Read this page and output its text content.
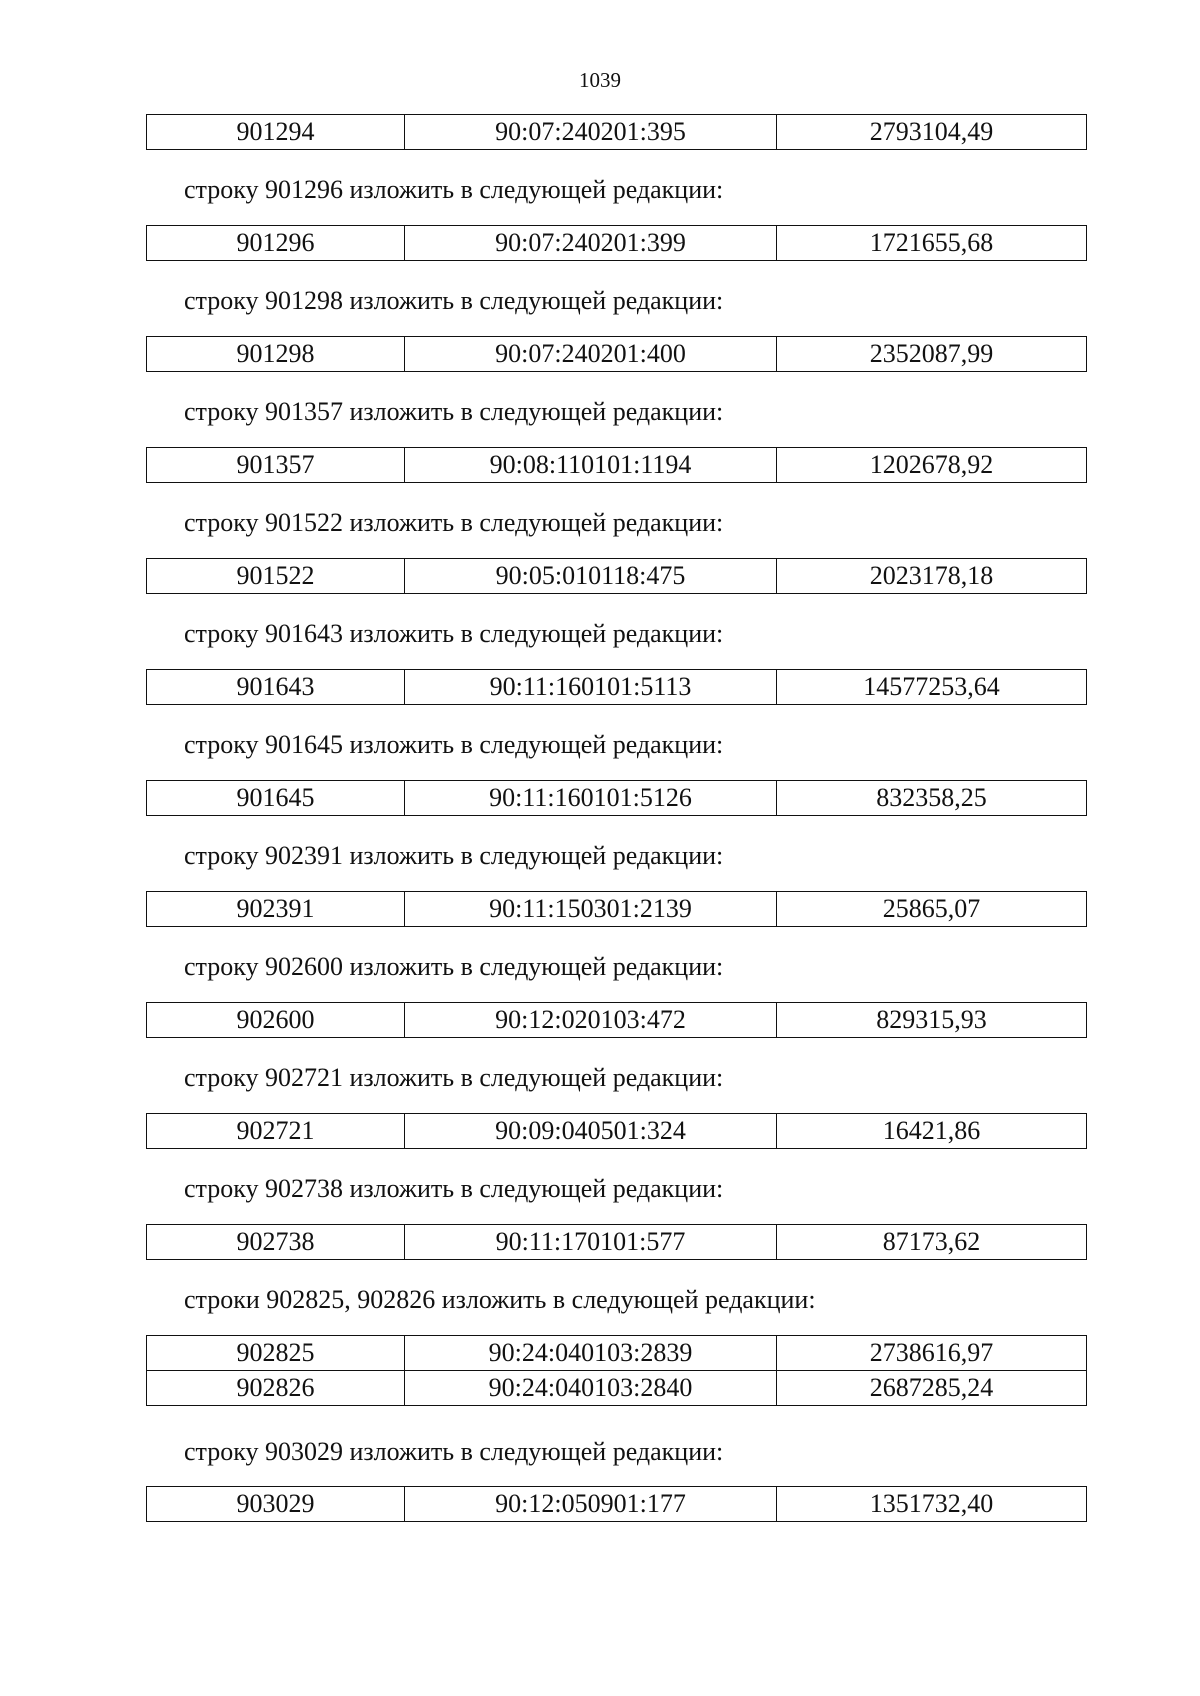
1039
901294	90:07:240201:395	2793104,49
строку 901296 изложить в следующей редакции:
901296	90:07:240201:399	1721655,68
строку 901298 изложить в следующей редакции:
901298	90:07:240201:400	2352087,99
строку 901357 изложить в следующей редакции:
901357	90:08:110101:1194	1202678,92
строку 901522 изложить в следующей редакции:
901522	90:05:010118:475	2023178,18
строку 901643 изложить в следующей редакции:
901643	90:11:160101:5113	14577253,64
строку 901645 изложить в следующей редакции:
901645	90:11:160101:5126	832358,25
строку 902391 изложить в следующей редакции:
902391	90:11:150301:2139	25865,07
строку 902600 изложить в следующей редакции:
902600	90:12:020103:472	829315,93
строку 902721 изложить в следующей редакции:
902721	90:09:040501:324	16421,86
строку 902738 изложить в следующей редакции:
902738	90:11:170101:577	87173,62
строки 902825, 902826 изложить в следующей редакции:
902825	90:24:040103:2839	2738616,97
902826	90:24:040103:2840	2687285,24
строку 903029 изложить в следующей редакции:
903029	90:12:050901:177	1351732,40
